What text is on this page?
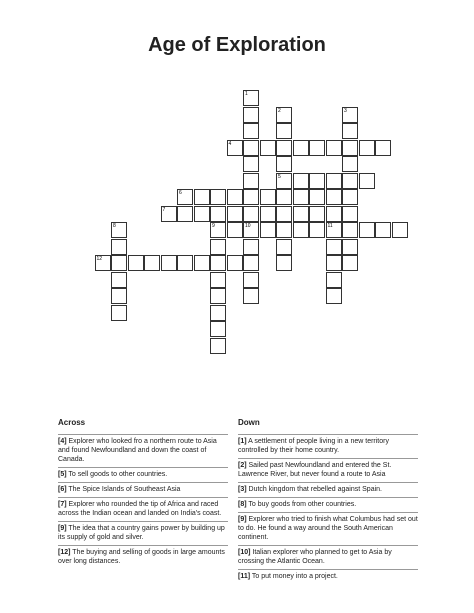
Age of Exploration
1
2	3
4
5
6
7
8	9	10	11
12
Across
[4] Explorer who looked fro a northern route to Asia and found Newfoundland and down the coast of Canada.
[5] To sell goods to other countries.
[6] The Spice Islands of Southeast Asia
[7] Explorer who rounded the tip of Africa and raced across the Indian ocean and landed on India's coast.
[9] The idea that a country gains power by building up its supply of gold and silver.
[12] The buying and selling of goods in large amounts over long distances.
Down
[1] A settlement of people living in a new territory controlled by their home country.
[2] Sailed past Newfoundland and entered the St. Lawrence River, but never found a route to Asia
[3] Dutch kingdom that rebelled against Spain.
[8] To buy goods from other countries.
[9] Explorer who tried to finish what Columbus had set out to do. He found a way around the South American continent.
[10] Italian explorer who planned to get to Asia by crossing the Atlantic Ocean.
[11] To put money into a project.
